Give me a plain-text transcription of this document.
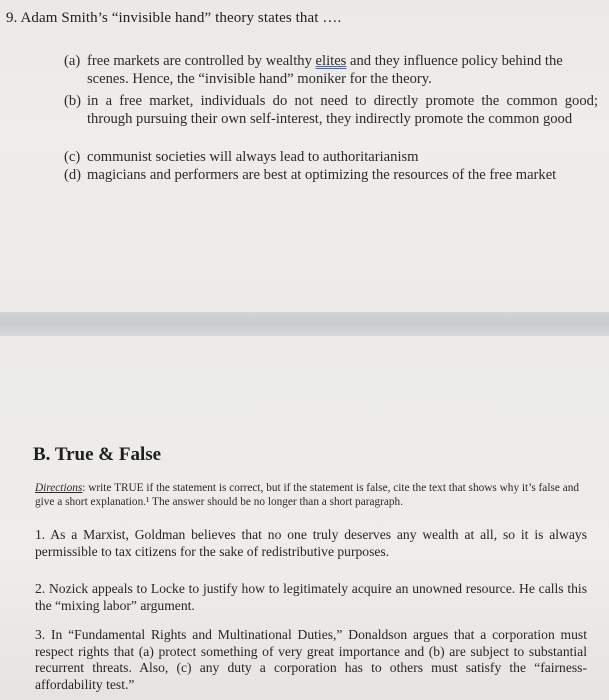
9. Adam Smith’s “invisible hand” theory states that ….
(a) free markets are controlled by wealthy elites and they influence policy behind the scenes. Hence, the “invisible hand” moniker for the theory.
(b) in a free market, individuals do not need to directly promote the common good; through pursuing their own self-interest, they indirectly promote the common good
(c) communist societies will always lead to authoritarianism
(d) magicians and performers are best at optimizing the resources of the free market
B. True & False
Directions: write TRUE if the statement is correct, but if the statement is false, cite the text that shows why it’s false and give a short explanation.¹ The answer should be no longer than a short paragraph.
1. As a Marxist, Goldman believes that no one truly deserves any wealth at all, so it is always permissible to tax citizens for the sake of redistributive purposes.
2. Nozick appeals to Locke to justify how to legitimately acquire an unowned resource. He calls this the “mixing labor” argument.
3. In “Fundamental Rights and Multinational Duties,” Donaldson argues that a corporation must respect rights that (a) protect something of very great importance and (b) are subject to substantial recurrent threats. Also, (c) any duty a corporation has to others must satisfy the “fairness-affordability test.”
